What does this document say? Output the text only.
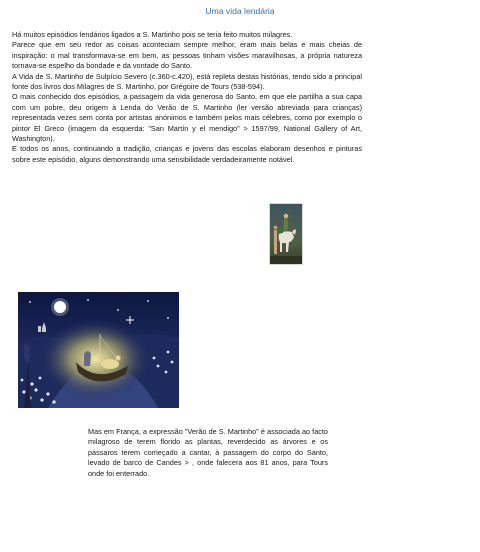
Uma vida lendária

Há muitos episódios lendários ligados a S. Martinho pois se teria feito muitos milagres.

Parece que em seu redor as coisas aconteciam sempre melhor, eram mais belas e mais cheias de inspiração: o mal transformava-se em bem, as pessoas tinham visões maravilhosas, a própria natureza tornava-se espelho da bondade e da vontade do Santo.

A Vida de S. Martinho de Sulpício Severo (c.360-c.420), está repleta destas histórias, tendo sido a principal fonte dos livros dos Milagres de S. Martinho, por Grégoire de Tours (538-594).

O mais conhecido dos episódios, a passagem da vida generosa do Santo, em que ele partilha a sua capa com um pobre, deu origem à Lenda do Verão de S. Martinho (ler versão abreviada para crianças) representada vezes sem conta por artistas anónimos e também pelos mais célebres, como por exemplo o pintor El Greco (imagem da esquerda: "San Martín y el mendigo" > 1597/99, National Gallery of Art, Washington).

E todos os anos, continuando a tradição, crianças e jovens das escolas elaboram desenhos e pinturas sobre este episódio, alguns demonstrando uma sensibilidade verdadeiramente notável.

Mas em França, a expressão "Verão de S. Martinho" é associada ao facto milagroso de terem florido as plantas, reverdecido as árvores e os pássaros terem começado a cantar, à passagem do corpo do Santo, levado de barco de Candes > , onde falecera aos 81 anos, para Tours onde foi enterrado.
